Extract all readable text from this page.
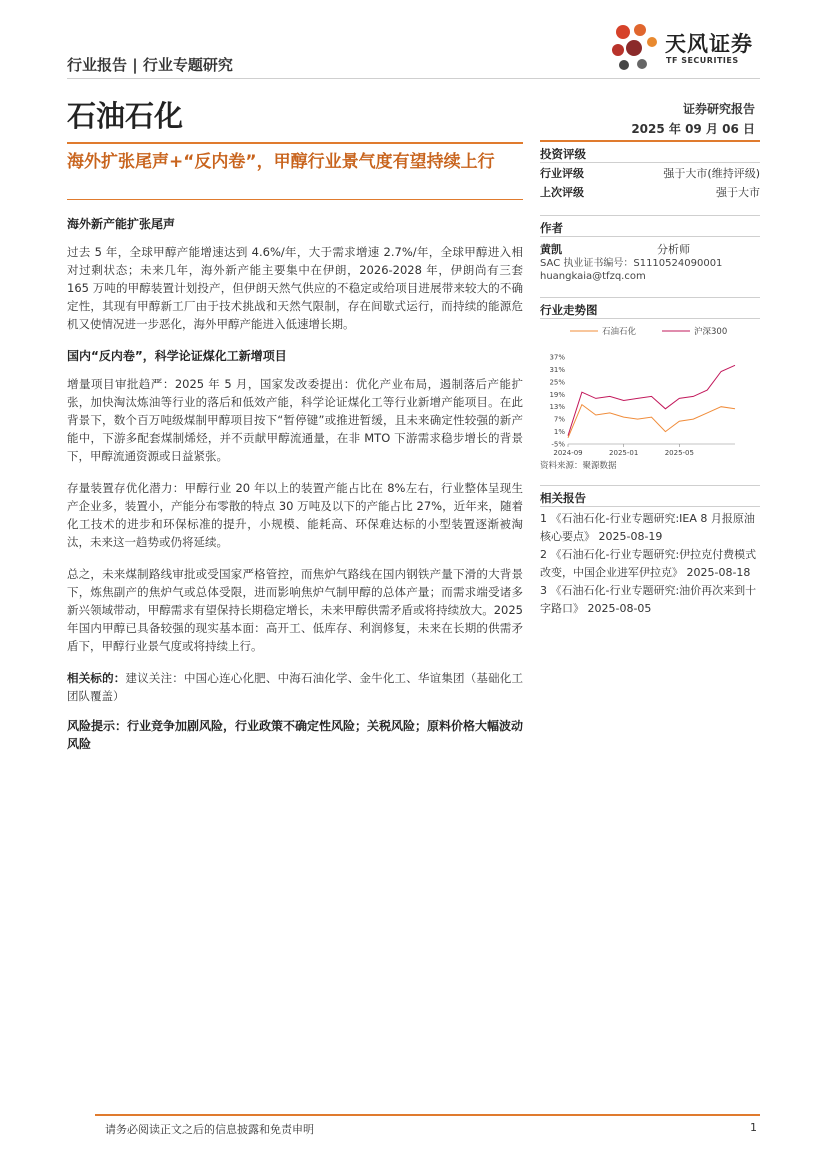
行业报告 | 行业专题研究
天风证券
TF SECURITIES
石油石化	证券研究报告
2025 年 09 月 06 日
海外扩张尾声+“反内卷”，甲醇行业景气度有望持续上行
海外新产能扩张尾声
过去 5 年，全球甲醇产能增速达到 4.6%/年，大于需求增速 2.7%/年，全球甲醇进入相对过剩状态；未来几年，海外新产能主要集中在伊朗，2026-2028 年，伊朗尚有三套 165 万吨的甲醇装置计划投产，但伊朗天然气供应的不稳定或给项目进展带来较大的不确定性，其现有甲醇新工厂由于技术挑战和天然气限制，存在间歇式运行，而持续的能源危机又使情况进一步恶化，海外甲醇产能进入低速增长期。
国内“反内卷”，科学论证煤化工新增项目
增量项目审批趋严：2025 年 5 月，国家发改委提出：优化产业布局，遏制落后产能扩张，加快淘汰炼油等行业的落后和低效产能，科学论证煤化工等行业新增产能项目。在此背景下，数个百万吨级煤制甲醇项目按下“暂停键”或推进暂缓，且未来确定性较强的新产能中，下游多配套煤制烯烃，并不贡献甲醇流通量，在非 MTO 下游需求稳步增长的背景下，甲醇流通资源或日益紧张。
存量装置存优化潜力：甲醇行业 20 年以上的装置产能占比在 8%左右，行业整体呈现生产企业多，装置小，产能分布零散的特点 30 万吨及以下的产能占比 27%，近年来，随着化工技术的进步和环保标准的提升，小规模、能耗高、环保难达标的小型装置逐渐被淘汰，未来这一趋势或仍将延续。
总之，未来煤制路线审批或受国家严格管控，而焦炉气路线在国内钢铁产量下滑的大背景下，炼焦副产的焦炉气或总体受限，进而影响焦炉气制甲醇的总体产量；而需求端受诸多新兴领域带动，甲醇需求有望保持长期稳定增长，未来甲醇供需矛盾或将持续放大。2025 年国内甲醇已具备较强的现实基本面：高开工、低库存、利润修复，未来在长期的供需矛盾下，甲醇行业景气度或将持续上行。
相关标的：建议关注：中国心连心化肥、中海石油化学、金牛化工、华谊集团（基础化工团队覆盖）
风险提示：行业竞争加剧风险，行业政策不确定性风险；关税风险；原料价格大幅波动风险
投资评级
行业评级	强于大市(维持评级)
上次评级	强于大市
作者
黄凯	分析师
SAC 执业证书编号：S1110524090001
huangkaia@tfzq.com
行业走势图
石油石化	沪深300
37%
31%
25%
19%
13%
7%
1%
-5%
2024-09	2025-01	2025-05
资料来源：聚源数据
相关报告
1 《石油石化-行业专题研究:IEA 8 月报原油核心要点》 2025-08-19
2 《石油石化-行业专题研究:伊拉克付费模式改变，中国企业进军伊拉克》 2025-08-18
3 《石油石化-行业专题研究:油价再次来到十字路口》 2025-08-05
请务必阅读正文之后的信息披露和免责申明	1
